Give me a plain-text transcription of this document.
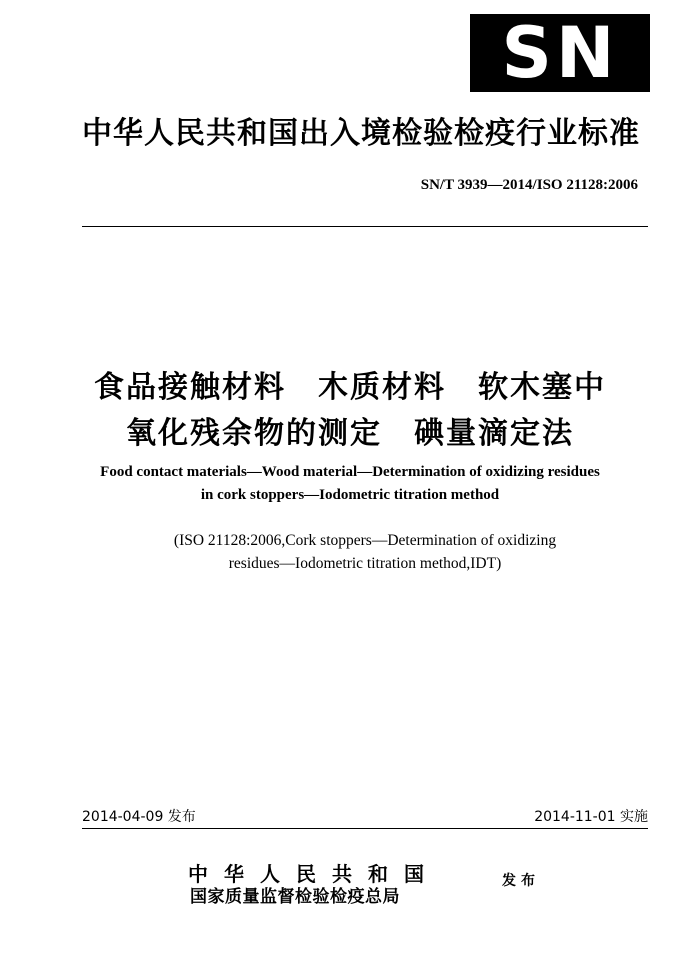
SN
中华人民共和国出入境检验检疫行业标准
SN/T 3939—2014/ISO 21128:2006
食品接触材料　木质材料　软木塞中
氧化残余物的测定　碘量滴定法
Food contact materials—Wood material—Determination of oxidizing residues
in cork stoppers—Iodometric titration method
(ISO 21128:2006,Cork stoppers—Determination of oxidizing
residues—Iodometric titration method,IDT)
2014-04-09 发布	2014-11-01 实施
中华人民共和国
国家质量监督检验检疫总局
发布
